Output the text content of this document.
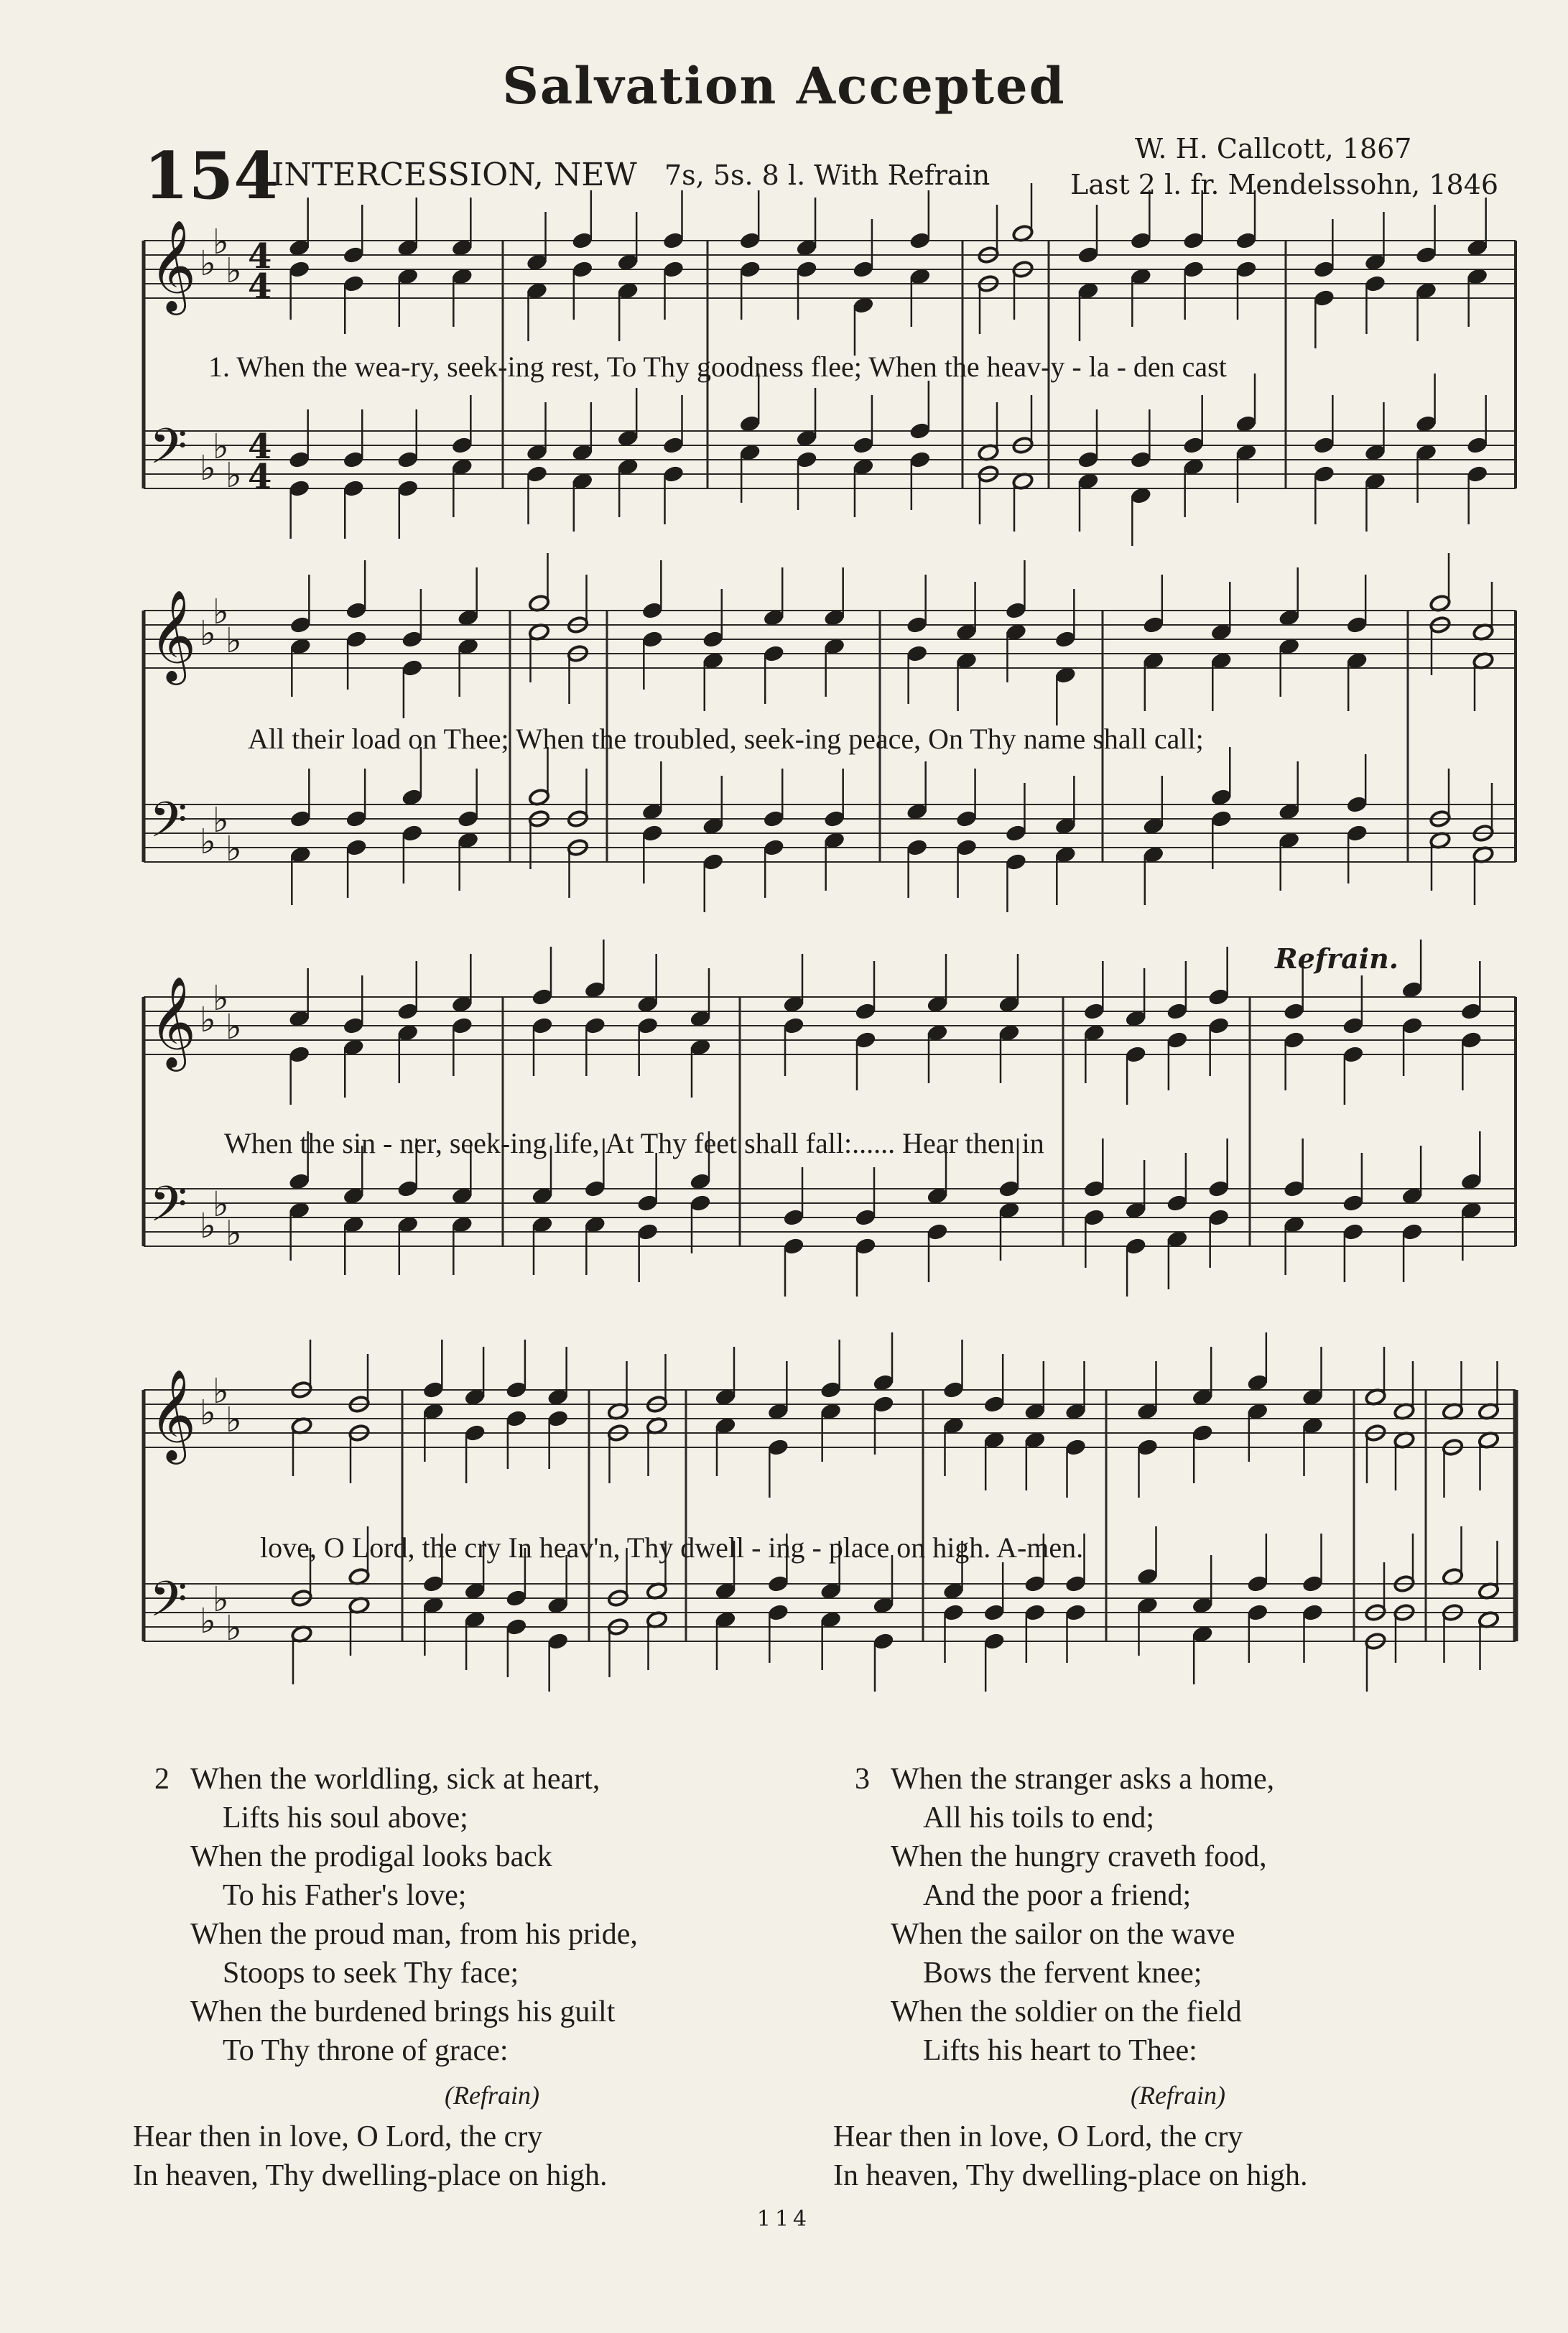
Salvation Accepted
154
INTERCESSION, NEW 7s, 5s. 8 l. With Refrain
W. H. Callcott, 1867
Last 2 l. fr. Mendelssohn, 1846
𝄞
𝄢
♭
♭
♭
♭
♭
♭
4
4
4
4
𝄞
𝄢
♭
♭
♭
♭
♭
♭
𝄞
𝄢
♭
♭
♭
♭
♭
♭
𝄞
𝄢
♭
♭
♭
♭
♭
♭
1. When the wea-ry, seek-ing rest, To Thy goodness flee; When the heav-y - la - den cast
All their load on Thee; When the troubled, seek-ing peace, On Thy name shall call;
Refrain.
When the sin - ner, seek-ing life, At Thy feet shall fall:...... Hear then in
love, O Lord, the cry In heav'n, Thy dwell - ing - place on high. A-men.
2 When the worldling, sick at heart,
Lifts his soul above;
When the prodigal looks back
To his Father's love;
When the proud man, from his pride,
Stoops to seek Thy face;
When the burdened brings his guilt
To Thy throne of grace:
(Refrain)
Hear then in love, O Lord, the cry
In heaven, Thy dwelling-place on high.
3 When the stranger asks a home,
All his toils to end;
When the hungry craveth food,
And the poor a friend;
When the sailor on the wave
Bows the fervent knee;
When the soldier on the field
Lifts his heart to Thee:
(Refrain)
Hear then in love, O Lord, the cry
In heaven, Thy dwelling-place on high.
114
